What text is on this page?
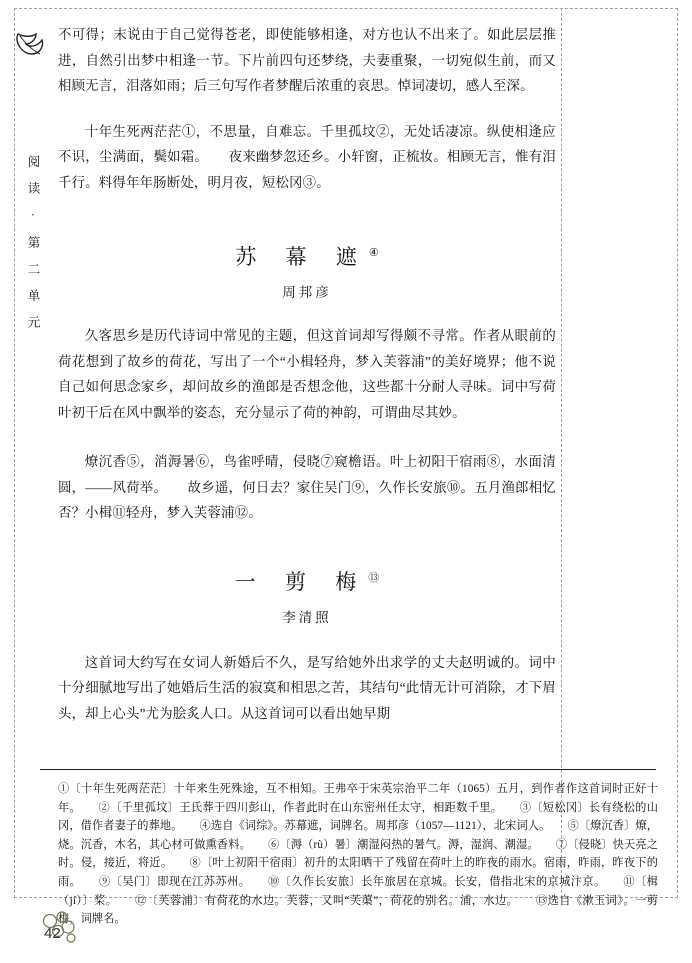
阅 读 · 第 二 单 元

不可得；末说由于自己觉得苍老，即使能够相逢，对方也认不出来了。如此层层推进，自然引出梦中相逢一节。下片前四句还梦绕，夫妻重聚，一切宛似生前，而又相顾无言，泪落如雨；后三句写作者梦醒后浓重的哀思。悼词凄切，感人至深。

十年生死两茫茫①，不思量，自难忘。千里孤坟②，无处话凄凉。纵使相逢应不识，尘满面，鬓如霜。　　夜来幽梦忽还乡。小轩窗，正梳妆。相顾无言，惟有泪千行。料得年年肠断处，明月夜，短松冈③。

苏 幕 遮④

周邦彦

久客思乡是历代诗词中常见的主题，但这首词却写得颇不寻常。作者从眼前的荷花想到了故乡的荷花，写出了一个“小楫轻舟，梦入芙蓉浦”的美好境界；他不说自己如何思念家乡，却问故乡的渔郎是否想念他，这些都十分耐人寻味。词中写荷叶初干后在风中飘举的姿态，充分显示了荷的神韵，可谓曲尽其妙。

燎沉香⑤，消溽暑⑥，鸟雀呼晴，侵晓⑦窥檐语。叶上初阳干宿雨⑧，水面清圆，——风荷举。　　故乡遥，何日去？家住吴门⑨，久作长安旅⑩。五月渔郎相忆否？小楫⑪轻舟，梦入芙蓉浦⑫。

一 剪 梅⑬

李清照

这首词大约写在女词人新婚后不久，是写给她外出求学的丈夫赵明诚的。词中十分细腻地写出了她婚后生活的寂寞和相思之苦，其结句“此情无计可消除，才下眉头，却上心头”尤为脍炙人口。从这首词可以看出她早期

①〔十年生死两茫茫〕十年来生死殊途，互不相知。王弗卒于宋英宗治平二年（1065）五月，到作者作这首词时正好十年。　　②〔千里孤坟〕王氏葬于四川彭山，作者此时在山东密州任太守，相距数千里。　　③〔短松冈〕长有绕松的山冈，借作者妻子的葬地。　　④选自《词综》。苏幕遮，词牌名。周邦彦（1057—1121），北宋词人。　　⑤〔燎沉香〕燎，烧。沉香，木名，其心材可做熏香料。　　⑥〔溽（rù）暑〕潮湿闷热的暑气。溽，湿润、潮湿。　　⑦〔侵晓〕快天亮之时。侵，接近，将近。　　⑧〔叶上初阳干宿雨〕初升的太阳晒干了残留在荷叶上的昨夜的雨水。宿雨，昨雨，昨夜下的雨。　　⑨〔吴门〕即现在江苏苏州。　　⑩〔久作长安旅〕长年旅居在京城。长安，借指北宋的京城汴京。　　⑪〔楫（jí）〕桨。　　⑫〔芙蓉浦〕有荷花的水边。芙蓉，又叫“芙蕖”，荷花的别名。浦，水边。　　⑬选自《漱玉词》。一剪梅，词牌名。

42
